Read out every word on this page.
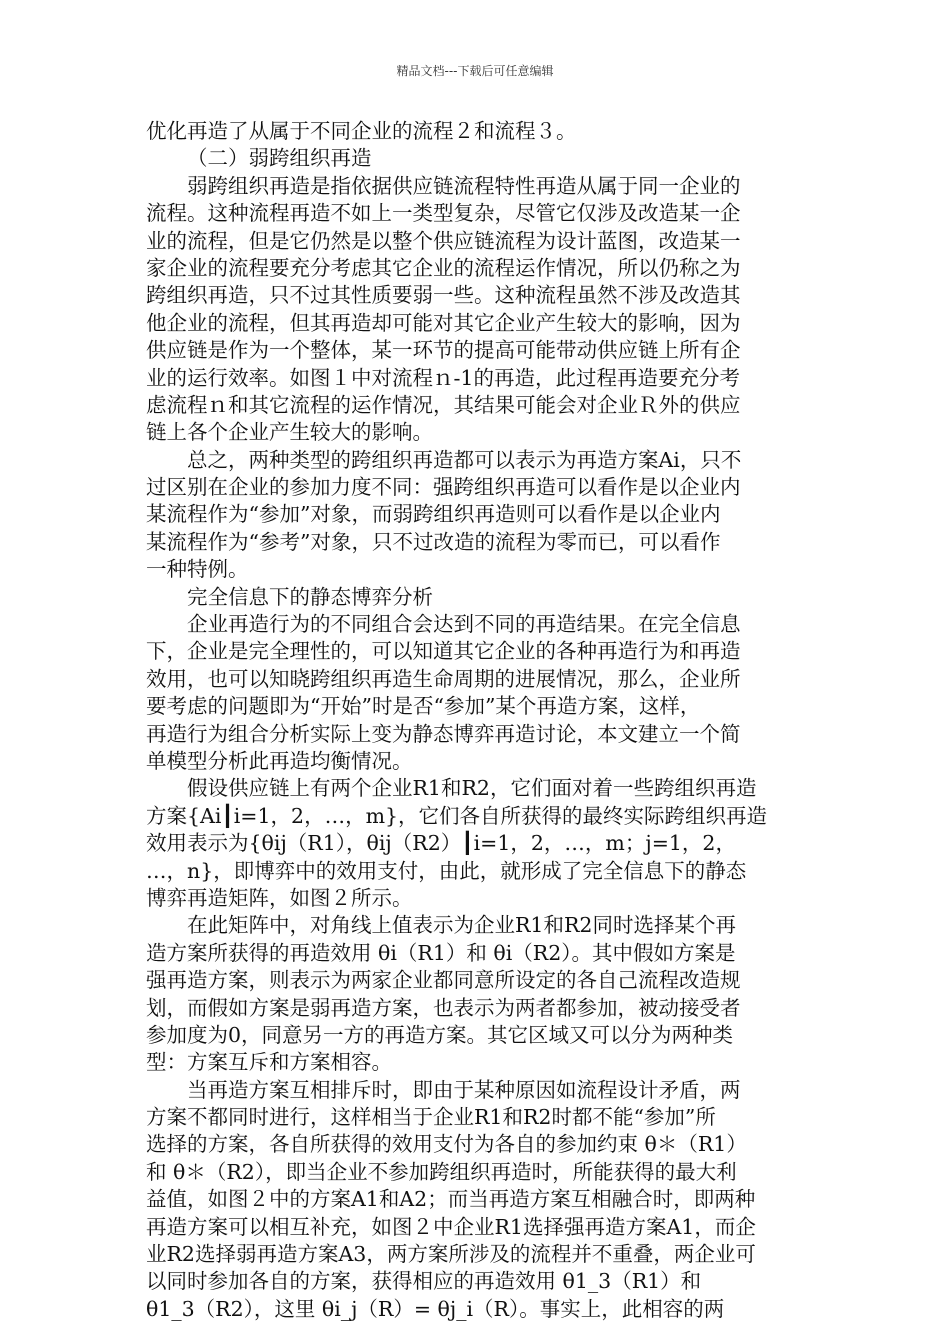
精品文档---下载后可任意编辑
优化再造了从属于不同企业的流程２和流程３。
（二）弱跨组织再造
弱跨组织再造是指依据供应链流程特性再造从属于同一企业的
流程。这种流程再造不如上一类型复杂，尽管它仅涉及改造某一企
业的流程，但是它仍然是以整个供应链流程为设计蓝图，改造某一
家企业的流程要充分考虑其它企业的流程运作情况，所以仍称之为
跨组织再造，只不过其性质要弱一些。这种流程虽然不涉及改造其
他企业的流程，但其再造却可能对其它企业产生较大的影响，因为
供应链是作为一个整体，某一环节的提高可能带动供应链上所有企
业的运行效率。如图１中对流程ｎ-1的再造，此过程再造要充分考
虑流程ｎ和其它流程的运作情况，其结果可能会对企业Ｒ外的供应
链上各个企业产生较大的影响。
总之，两种类型的跨组织再造都可以表示为再造方案Ai，只不
过区别在企业的参加力度不同：强跨组织再造可以看作是以企业内
某流程作为“参加”对象，而弱跨组织再造则可以看作是以企业内
某流程作为“参考”对象，只不过改造的流程为零而已，可以看作
一种特例。
完全信息下的静态博弈分析
企业再造行为的不同组合会达到不同的再造结果。在完全信息
下，企业是完全理性的，可以知道其它企业的各种再造行为和再造
效用，也可以知晓跨组织再造生命周期的进展情况，那么，企业所
要考虑的问题即为“开始”时是否“参加”某个再造方案，这样，
再造行为组合分析实际上变为静态博弈再造讨论，本文建立一个简
单模型分析此再造均衡情况。
假设供应链上有两个企业R1和R2，它们面对着一些跨组织再造
方案{Ai┃i=1，2，…，m}，它们各自所获得的最终实际跨组织再造
效用表示为{θij（R1），θij（R2）┃i=1，2，…，m；j=1，2，
…，n}，即博弈中的效用支付，由此，就形成了完全信息下的静态
博弈再造矩阵，如图２所示。
在此矩阵中，对角线上值表示为企业R1和R2同时选择某个再
造方案所获得的再造效用 θi（R1）和 θi（R2）。其中假如方案是
强再造方案，则表示为两家企业都同意所设定的各自己流程改造规
划，而假如方案是弱再造方案，也表示为两者都参加，被动接受者
参加度为0，同意另一方的再造方案。其它区域又可以分为两种类
型：方案互斥和方案相容。
当再造方案互相排斥时，即由于某种原因如流程设计矛盾，两
方案不都同时进行，这样相当于企业R1和R2时都不能“参加”所
选择的方案，各自所获得的效用支付为各自的参加约束 θ＊（R1）
和 θ＊（R2），即当企业不参加跨组织再造时，所能获得的最大利
益值，如图２中的方案A1和A2；而当再造方案互相融合时，即两种
再造方案可以相互补充，如图２中企业R1选择强再造方案A1，而企
业R2选择弱再造方案A3，两方案所涉及的流程并不重叠，两企业可
以同时参加各自的方案，获得相应的再造效用 θ1_3（R1）和
θ1_3（R2），这里 θi_j（R）= θj_i（R）。事实上，此相容的两
